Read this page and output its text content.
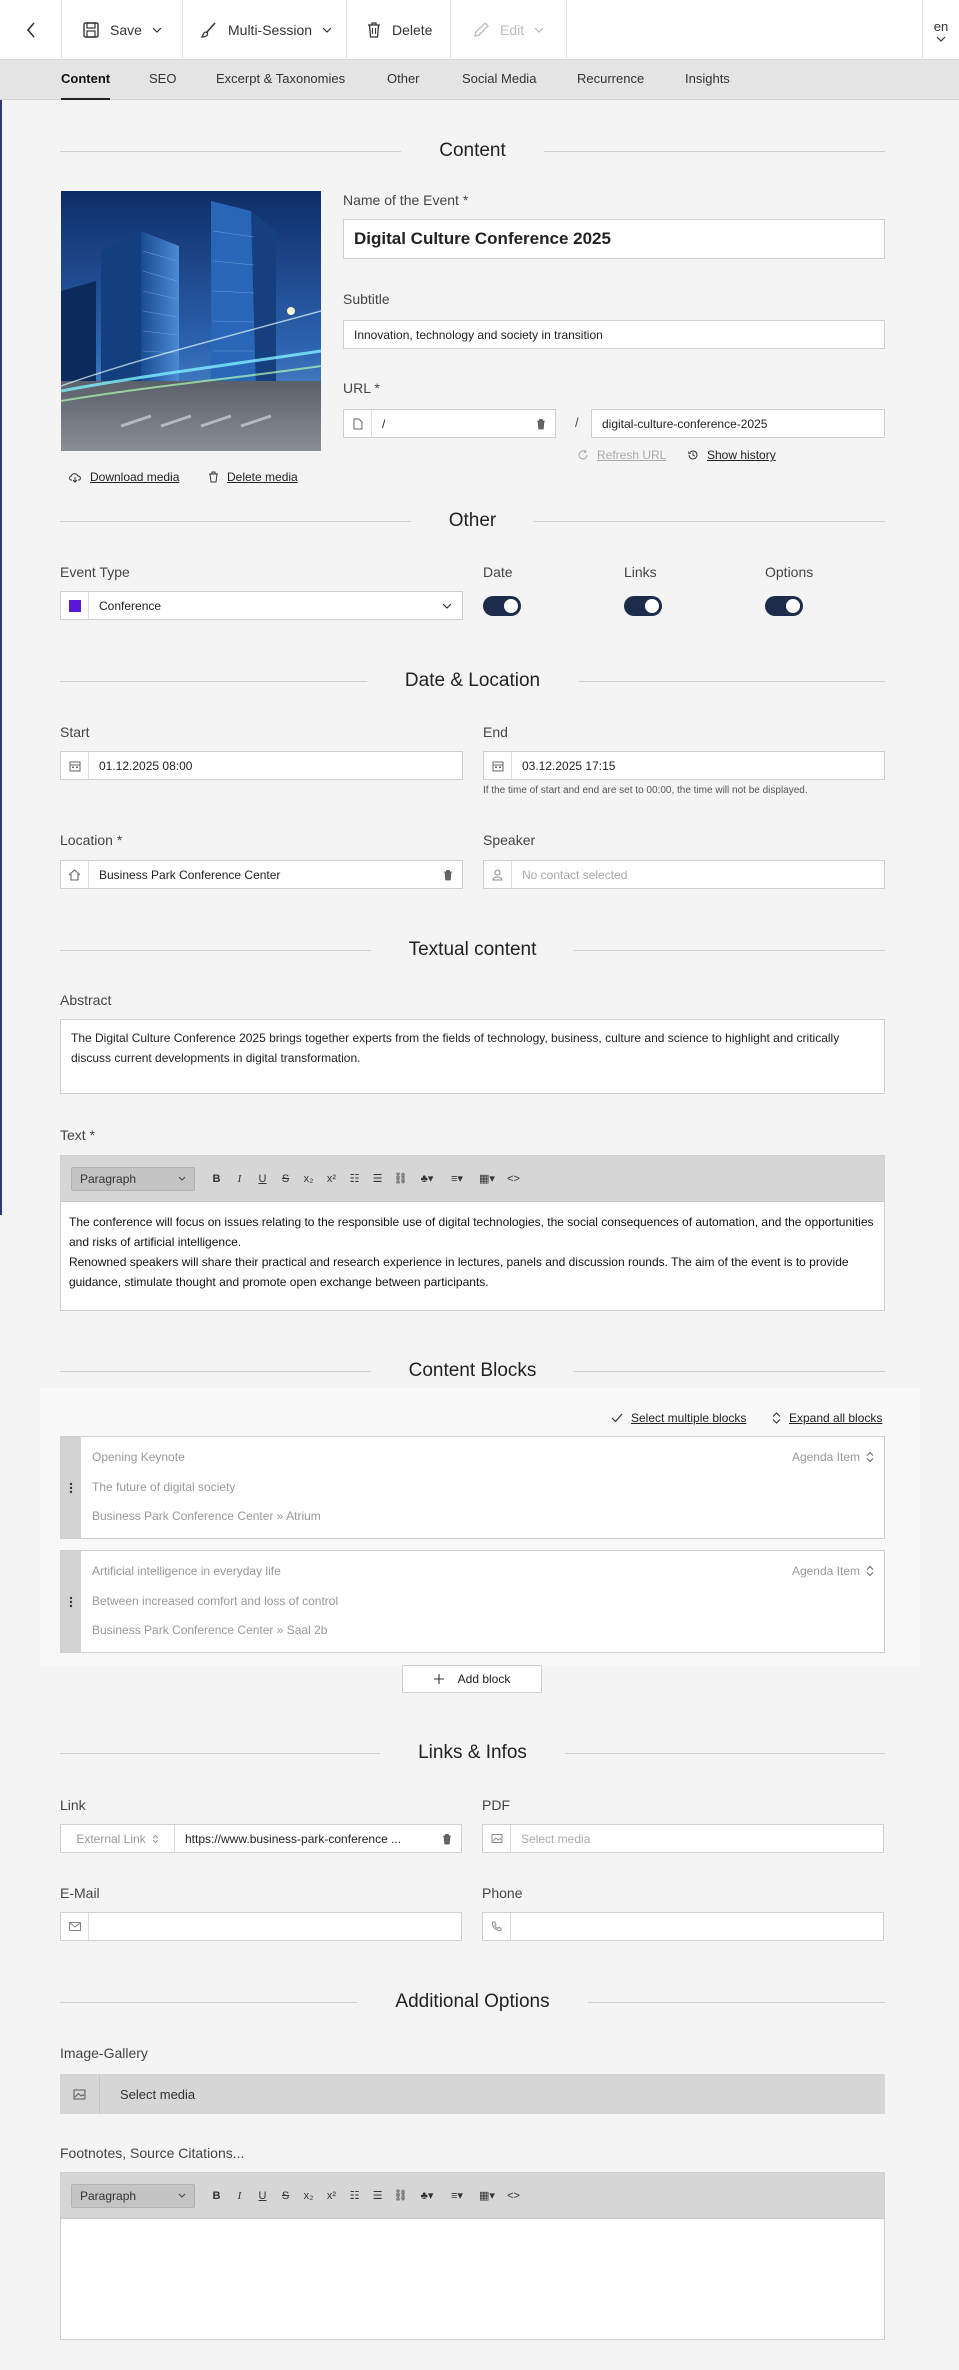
Save	Multi-Session	Delete	Edit	en
Content	SEO	Excerpt & Taxonomies	Other	Social Media	Recurrence	Insights
Content
Download media	Delete media
Name of the Event *
Digital Culture Conference 2025
Subtitle
Innovation, technology and society in transition
URL *
/	/	digital-culture-conference-2025
Refresh URL	Show history
Other
Event Type
Conference
Date	Links	Options
Date & Location
Start
01.12.2025 08:00
End
03.12.2025 17:15
If the time of start and end are set to 00:00, the time will not be displayed.
Location *
Business Park Conference Center
Speaker
No contact selected
Textual content
Abstract
The Digital Culture Conference 2025 brings together experts from the fields of technology, business, culture and science to highlight and critically discuss current developments in digital transformation.
Text *
Paragraph	B	I	U	S	x₂	x²	☷	☰	⛓	♣▾	≡▾	▦▾	<>
The conference will focus on issues relating to the responsible use of digital technologies, the social consequences of automation, and the opportunities and risks of artificial intelligence.
Renowned speakers will share their practical and research experience in lectures, panels and discussion rounds. The aim of the event is to provide guidance, stimulate thought and promote open exchange between participants.
Content Blocks
Select multiple blocks	Expand all blocks
Opening Keynote
The future of digital society
Business Park Conference Center » Atrium
Agenda Item
Artificial intelligence in everyday life
Between increased comfort and loss of control
Business Park Conference Center » Saal 2b
Agenda Item
Add block
Links & Infos
Link
External Link	https://www.business-park-conference ...
PDF
Select media
E-Mail	Phone
Additional Options
Image-Gallery
Select media
Footnotes, Source Citations...
Paragraph	B	I	U	S	x₂	x²	☷	☰	⛓	♣▾	≡▾	▦▾	<>
